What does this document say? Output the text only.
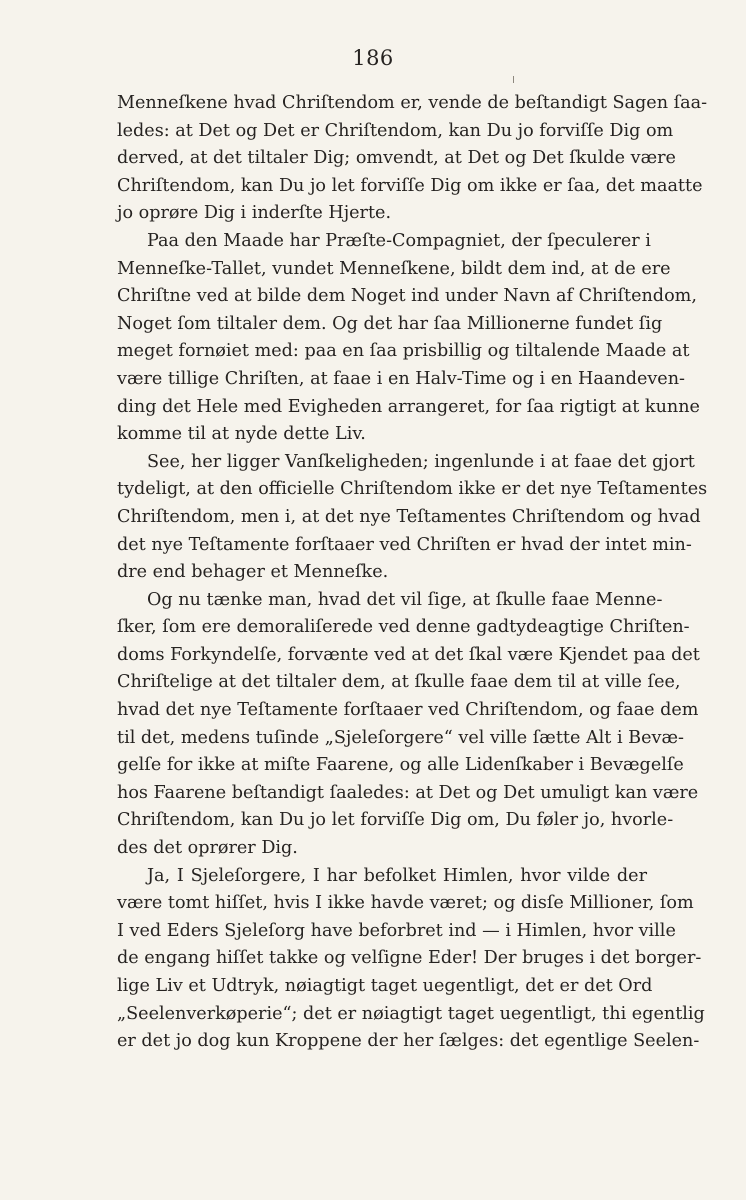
186
Menneſkene hvad Chriſtendom er, vende de beſtandigt Sagen ſaa-
ledes: at Det og Det er Chriſtendom, kan Du jo forviſſe Dig om
derved, at det tiltaler Dig; omvendt, at Det og Det ſkulde være
Chriſtendom, kan Du jo let forviſſe Dig om ikke er ſaa, det maatte
jo oprøre Dig i inderſte Hjerte.
Paa den Maade har Præſte-Compagniet, der ſpeculerer i
Menneſke-Tallet, vundet Menneſkene, bildt dem ind, at de ere
Chriſtne ved at bilde dem Noget ind under Navn af Chriſtendom,
Noget ſom tiltaler dem. Og det har ſaa Millionerne fundet ſig
meget fornøiet med: paa en ſaa prisbillig og tiltalende Maade at
være tillige Chriſten, at faae i en Halv-Time og i en Haandeven-
ding det Hele med Evigheden arrangeret, for ſaa rigtigt at kunne
komme til at nyde dette Liv.
See, her ligger Vanſkeligheden; ingenlunde i at faae det gjort
tydeligt, at den officielle Chriſtendom ikke er det nye Teſtamentes
Chriſtendom, men i, at det nye Teſtamentes Chriſtendom og hvad
det nye Teſtamente forſtaaer ved Chriſten er hvad der intet min-
dre end behager et Menneſke.
Og nu tænke man, hvad det vil ſige, at ſkulle faae Menne-
ſker, ſom ere demoraliſerede ved denne gadtydeagtige Chriſten-
doms Forkyndelſe, forvænte ved at det ſkal være Kjendet paa det
Chriſtelige at det tiltaler dem, at ſkulle faae dem til at ville ſee,
hvad det nye Teſtamente forſtaaer ved Chriſtendom, og faae dem
til det, medens tuſinde „Sjeleſorgere“ vel ville ſætte Alt i Bevæ-
gelſe for ikke at miſte Faarene, og alle Lidenſkaber i Bevægelſe
hos Faarene beſtandigt ſaaledes: at Det og Det umuligt kan være
Chriſtendom, kan Du jo let forviſſe Dig om, Du føler jo, hvorle-
des det oprører Dig.
Ja, I Sjeleſorgere, I har befolket Himlen, hvor vilde der
være tomt hiſſet, hvis I ikke havde været; og disſe Millioner, ſom
I ved Eders Sjeleſorg have beforbret ind — i Himlen, hvor ville
de engang hiſſet takke og velſigne Eder! Der bruges i det borger-
lige Liv et Udtryk, nøiagtigt taget uegentligt, det er det Ord
„Seelenverkøperie“; det er nøiagtigt taget uegentligt, thi egentlig
er det jo dog kun Kroppene der her ſælges: det egentlige Seelen-
